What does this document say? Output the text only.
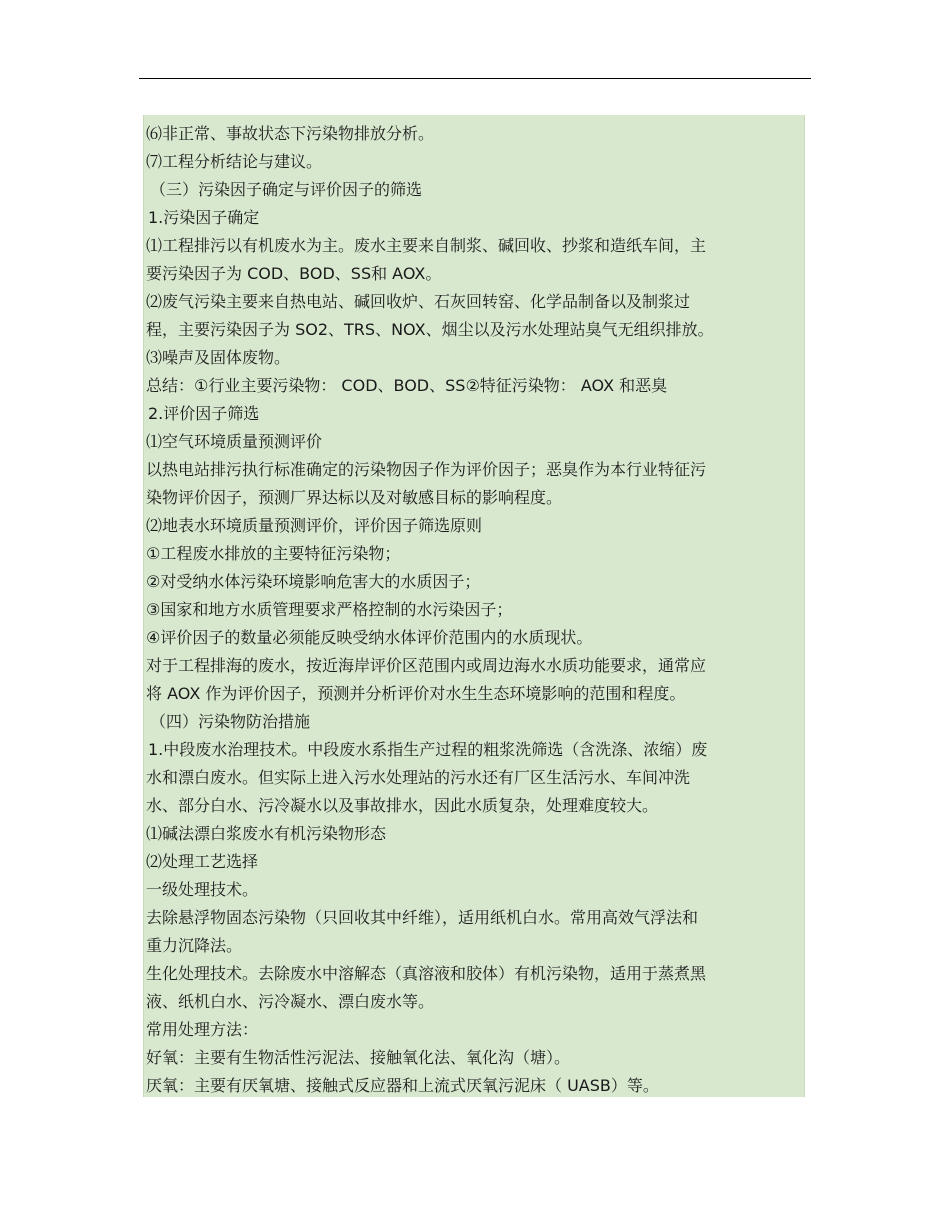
⑹非正常、事故状态下污染物排放分析。
⑺工程分析结论与建议。
（三）污染因子确定与评价因子的筛选
1.污染因子确定
⑴工程排污以有机废水为主。废水主要来自制浆、碱回收、抄浆和造纸车间，主
要污染因子为 COD、BOD、SS和 AOX。
⑵废气污染主要来自热电站、碱回收炉、石灰回转窑、化学品制备以及制浆过
程，主要污染因子为 SO2、TRS、NOX、烟尘以及污水处理站臭气无组织排放。
⑶噪声及固体废物。
总结：①行业主要污染物： COD、BOD、SS②特征污染物： AOX 和恶臭
2.评价因子筛选
⑴空气环境质量预测评价
以热电站排污执行标准确定的污染物因子作为评价因子；恶臭作为本行业特征污
染物评价因子，预测厂界达标以及对敏感目标的影响程度。
⑵地表水环境质量预测评价，评价因子筛选原则
①工程废水排放的主要特征污染物；
②对受纳水体污染环境影响危害大的水质因子；
③国家和地方水质管理要求严格控制的水污染因子；
④评价因子的数量必须能反映受纳水体评价范围内的水质现状。
对于工程排海的废水，按近海岸评价区范围内或周边海水水质功能要求，通常应
将 AOX 作为评价因子，预测并分析评价对水生生态环境影响的范围和程度。
（四）污染物防治措施
1.中段废水治理技术。中段废水系指生产过程的粗浆洗筛选（含洗涤、浓缩）废
水和漂白废水。但实际上进入污水处理站的污水还有厂区生活污水、车间冲洗
水、部分白水、污冷凝水以及事故排水，因此水质复杂，处理难度较大。
⑴碱法漂白浆废水有机污染物形态
⑵处理工艺选择
一级处理技术。
去除悬浮物固态污染物（只回收其中纤维），适用纸机白水。常用高效气浮法和
重力沉降法。
生化处理技术。去除废水中溶解态（真溶液和胶体）有机污染物，适用于蒸煮黑
液、纸机白水、污冷凝水、漂白废水等。
常用处理方法：
好氧：主要有生物活性污泥法、接触氧化法、氧化沟（塘）。
厌氧：主要有厌氧塘、接触式反应器和上流式厌氧污泥床（ UASB）等。
